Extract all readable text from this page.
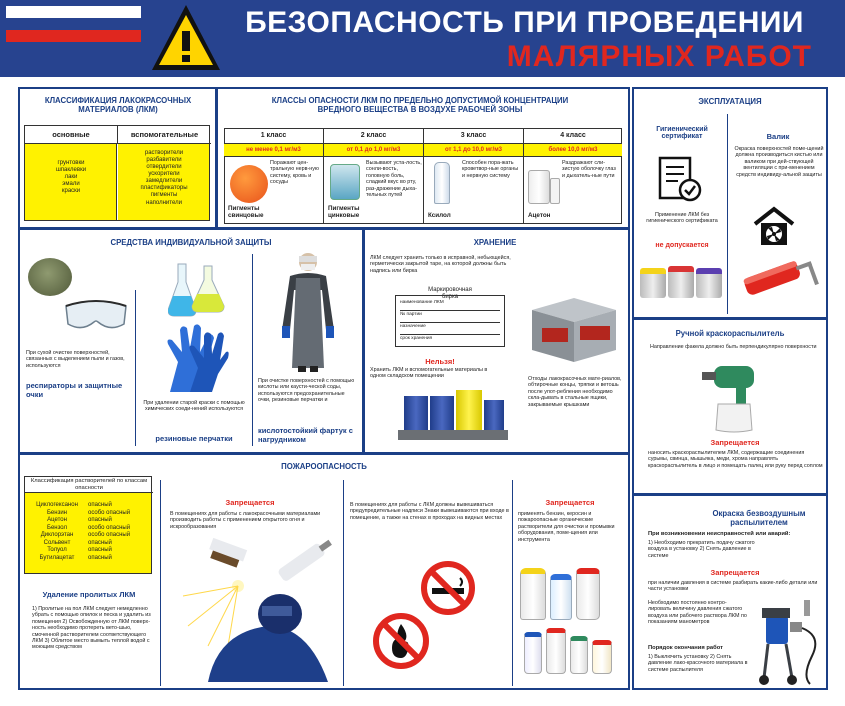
БЕЗОПАСНОСТЬ ПРИ ПРОВЕДЕНИИ
МАЛЯРНЫХ РАБОТ
КЛАССИФИКАЦИЯ ЛАКОКРАСОЧНЫХ МАТЕРИАЛОВ (ЛКМ)
основные	вспомогательные
грунтовки
шпаклевки
лаки
эмали
краски
растворители
разбавители
отвердители
ускорители
замедлители
пластификаторы
пигменты
наполнители
КЛАССЫ ОПАСНОСТИ ЛКМ ПО ПРЕДЕЛЬНО ДОПУСТИМОЙ КОНЦЕНТРАЦИИ ВРЕДНОГО ВЕЩЕСТВА В ВОЗДУХЕ РАБОЧЕЙ ЗОНЫ
1 класс
не менее 0,1 мг/м3
Поражают цен-тральную нерв-ную систему, кровь и сосуды
Пигменты свинцовые
2 класс
от 0,1 до 1,0 мг/м3
Вызывают уста-лость, сонли-вость, головную боль, сладкий вкус во рту, раз-дражение дыха-тельных путей
Пигменты цинковые
3 класс
от 1,1 до 10,0 мг/м3
Способен пора-жать кроветвор-ные органы и нервную систему
Ксилол
4 класс
более 10,0 мг/м3
Раздражают сли-зистую оболочку глаз и дыхатель-ные пути
Ацетон
ЭКСПЛУАТАЦИЯ
Гигиенический сертификат
Применение ЛКМ без гигиенического сертификата
не допускается
Валик
Окраска поверхностей поме-щений должна производиться кистью или валиком при дей-ствующей вентиляции с при-менением средств индивиду-альной защиты
СРЕДСТВА ИНДИВИДУАЛЬНОЙ ЗАЩИТЫ
При сухой очистке поверхностей, связанных с выделением пыли и газов, используются
респираторы и защитные очки
При удалении старой краски с помощью химических соеди-нений используются
резиновые перчатки
При очистке поверхностей с помощью кислоты или каусти-ческой соды, используются предохранительные очки, резиновые перчатки и
кислотостойкий фартук с нагрудником
ХРАНЕНИЕ
ЛКМ следует хранить только в исправной, небьющейся, герметически закрытой таре, на которой должны быть надпись или бирка
Маркировочная бирка
наименование ЛКМ
№ партии
назначение
срок хранения
Нельзя!
Хранить ЛКМ и вспомогательные материалы в одном складском помещении	Отходы лакокрасочных мате-риалов, обтирочные концы, тряпки и ветошь после упот-ребления необходимо скла-дывать в стальные ящики, закрываемые крышками
Ручной краскораспылитель
Направление факела должно быть перпендикулярно поверхности
Запрещается
наносить краскораспылителем ЛКМ, содержащие соединения сурьмы, свинца, мышьяка, меди, хрома направлять краскораспылитель в лицо и помещать палец или руку перед соплом
ПОЖАРООПАСНОСТЬ
Классификация растворителей по классам опасности
Циклогексанон	опасный
Бензин	особо опасный
Ацетон	опасный
Бензол	особо опасный
Диклорэтан	особо опасный
Сольвент	опасный
Толуол	опасный
Бутилацетат	опасный
Удаление пролитых ЛКМ
1) Пролитые на пол ЛКМ следует немедленно убрать с помощью опилок и песка и удалить из помещения 2) Освобожденную от ЛКМ поверх-ность необходимо протереть вето-шью, смоченной растворителем соответствующего ЛКМ 3) Облитое место вымыть теплой водой с моющим средством
Запрещается
В помещениях для работы с лакокрасочными материалами производить работы с применением открытого огня и искрообразования
В помещениях для работы с ЛКМ должны вывешиваться предупредительные надписи Знаки вывешиваются при входе в помещение, а также на стенах в проходах на видных местах
Запрещается
применять бензин, керосин и пожароопасные органические растворители для очистки и промывки оборудования, поме-щения или инструмента
Окраска безвоздушным распылителем
При возникновении неисправностей или аварий:
1) Необходимо прекратить подачу сжатого воздуха в установку 2) Снять давление в системе
Запрещается
при наличии давления в системе разбирать какие-либо детали или части установки
Необходимо постоянно контро-лировать величину давления сжатого воздуха или рабочего раствора ЛКМ по показаниям манометров
Порядок окончания работ
1) Выключить установку 2) Снять давление лако-красочного материала в системе распылителя
